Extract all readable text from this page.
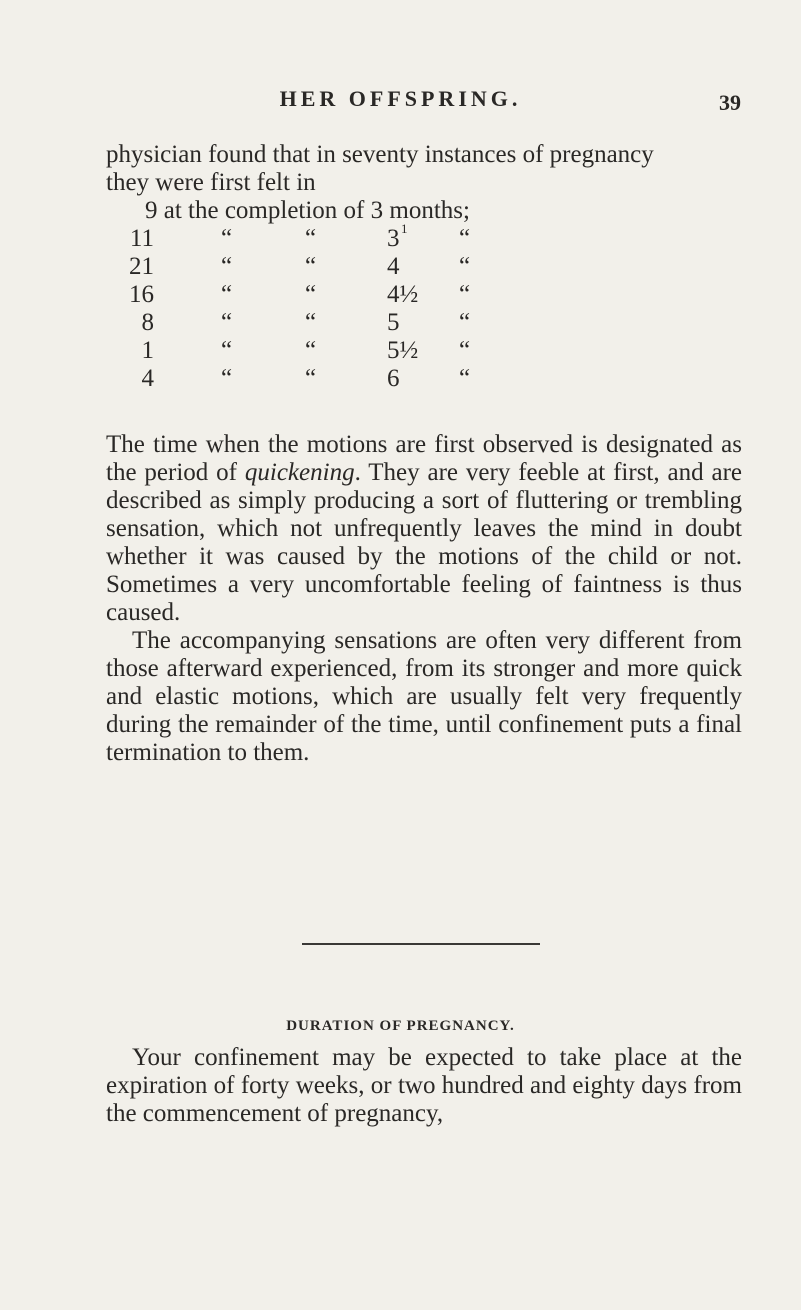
HER OFFSPRING.	39
physician found that in seventy instances of pregnancy
they were first felt in
9 at the completion of 3 months;
11	“	“	3 1 “
21	“	“	4 “
16	“	“	4½ “
8	“	“	5 “
1	“	“	5½ “
4	“	“	6 “

The time when the motions are first observed is designated as the period of quickening. They are very feeble at first, and are described as simply producing a sort of fluttering or trembling sensation, which not unfrequently leaves the mind in doubt whether it was caused by the motions of the child or not. Sometimes a very uncomfortable feeling of faintness is thus caused.

The accompanying sensations are often very different from those afterward experienced, from its stronger and more quick and elastic motions, which are usually felt very frequently during the remainder of the time, until confinement puts a final termination to them.

DURATION OF PREGNANCY.

Your confinement may be expected to take place at the expiration of forty weeks, or two hundred and eighty days from the commencement of pregnancy,
